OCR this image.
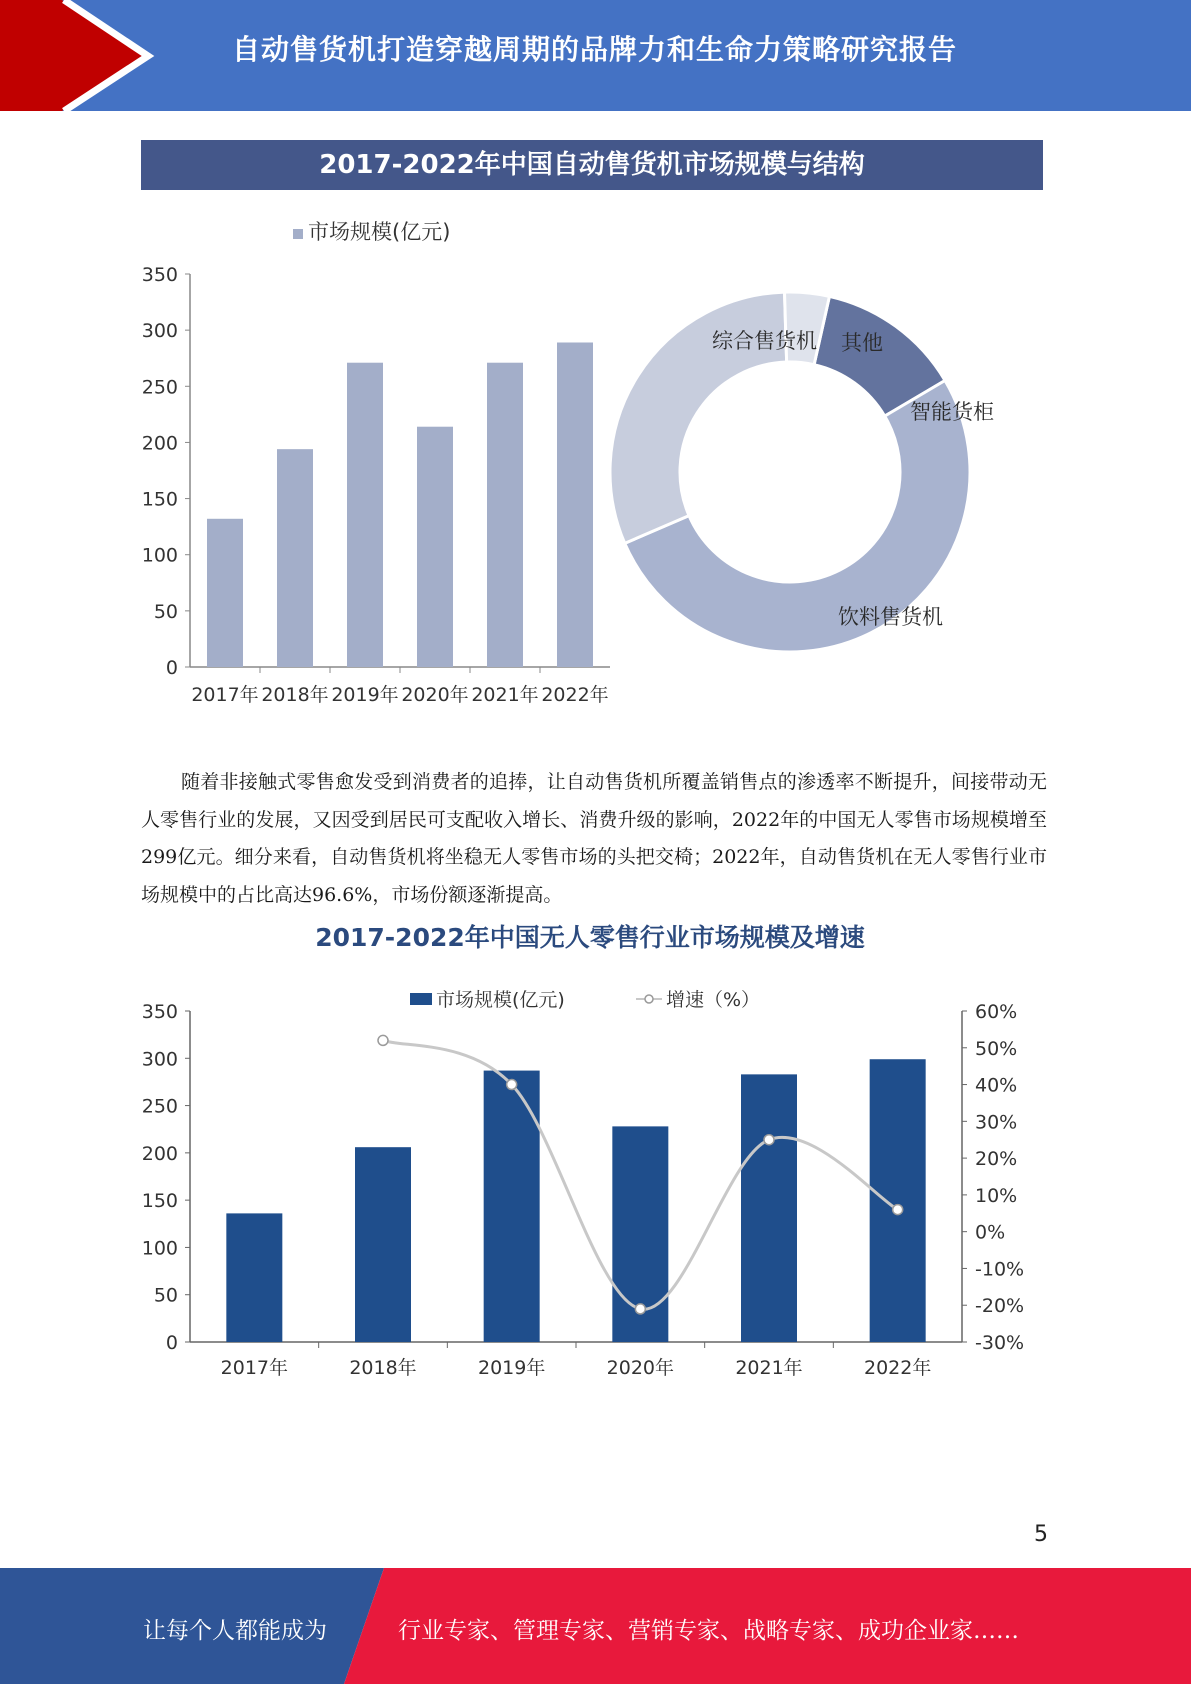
自动售货机打造穿越周期的品牌力和生命力策略研究报告
2017-2022年中国自动售货机市场规模与结构
市场规模(亿元)
0
50
100
150
200
250
300
350
2017年 2018年 2019年 2020年 2021年 2022年
智能货柜
饮料售货机
综合售货机 其他
随着非接触式零售愈发受到消费者的追捧，让自动售货机所覆盖销售点的渗透率不断提升，间接带动无人零售行业的发展，又因受到居民可支配收入增长、消费升级的影响，2022年的中国无人零售市场规模增至299亿元。细分来看，自动售货机将坐稳无人零售市场的头把交椅；2022年，自动售货机在无人零售行业市场规模中的占比高达96.6%，市场份额逐渐提高。
2017-2022年中国无人零售行业市场规模及增速
市场规模(亿元)	增速（%）
0
50
100
150
200
250
300
350
-30%
-20%
-10%
0%
10%
20%
30%
40%
50%
60%
2017年	2018年	2019年	2020年	2021年	2022年
5
让每个人都能成为	行业专家、管理专家、营销专家、战略专家、成功企业家……
